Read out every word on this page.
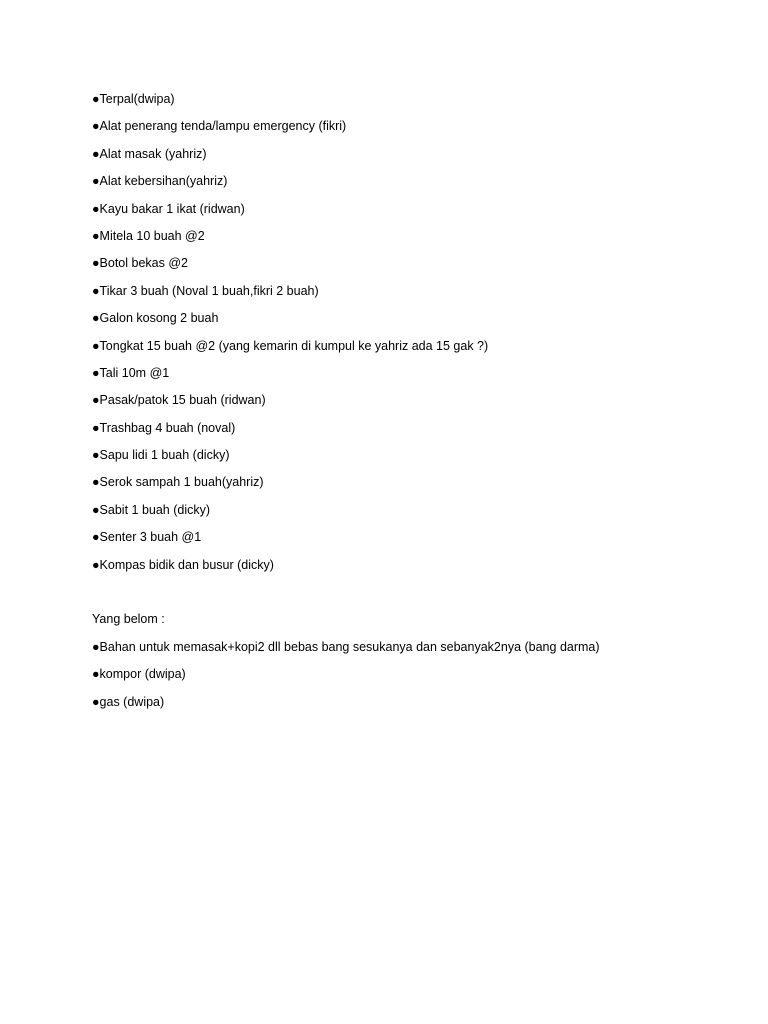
●Terpal(dwipa)
●Alat penerang tenda/lampu emergency (fikri)
●Alat masak (yahriz)
●Alat kebersihan(yahriz)
●Kayu bakar 1 ikat (ridwan)
●Mitela 10 buah @2
●Botol bekas @2
●Tikar 3 buah (Noval 1 buah,fikri 2 buah)
●Galon kosong 2 buah
●Tongkat 15 buah @2 (yang kemarin di kumpul ke yahriz ada 15 gak ?)
●Tali 10m @1
●Pasak/patok 15 buah (ridwan)
●Trashbag 4 buah (noval)
●Sapu lidi 1 buah (dicky)
●Serok sampah 1 buah(yahriz)
●Sabit 1 buah (dicky)
●Senter 3 buah @1
●Kompas bidik dan busur (dicky)
Yang belom :
●Bahan untuk memasak+kopi2 dll bebas bang sesukanya dan sebanyak2nya (bang darma)
●kompor (dwipa)
●gas (dwipa)
